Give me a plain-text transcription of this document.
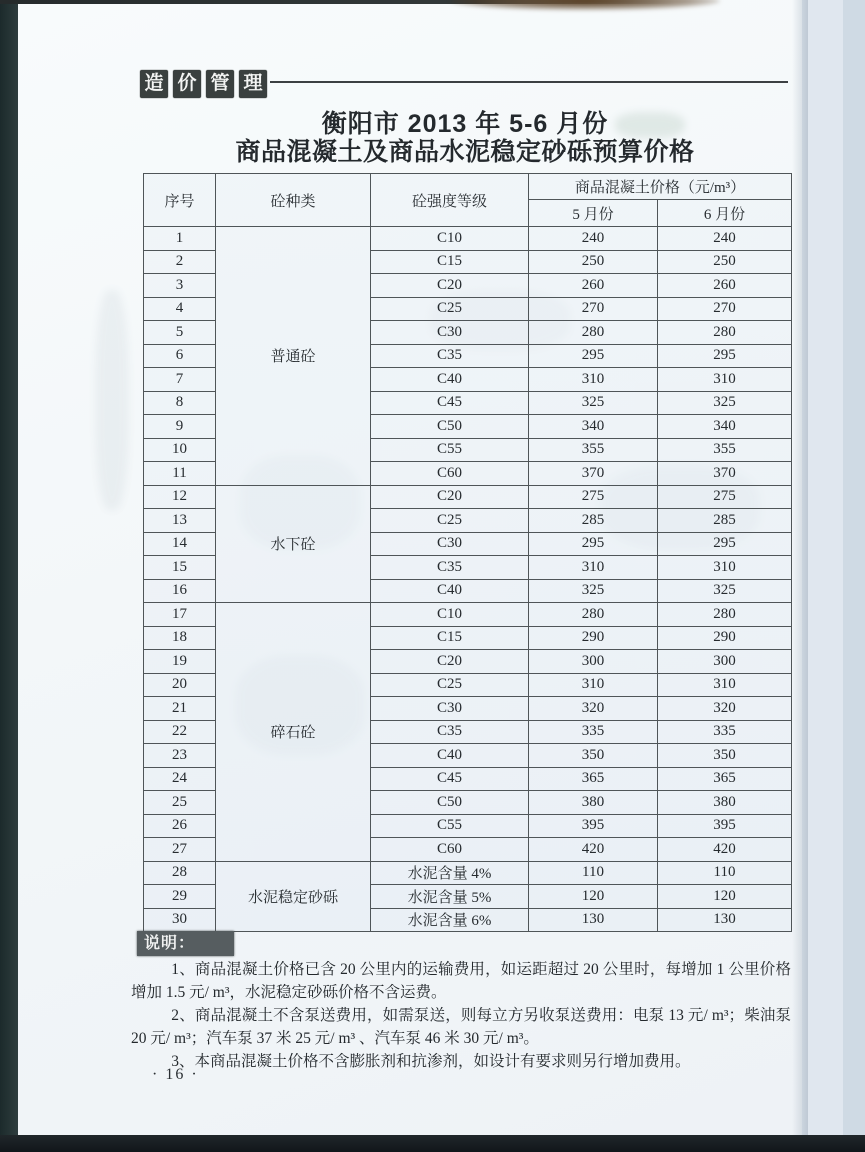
造 价 管 理
衡阳市 2013 年 5-6 月份
商品混凝土及商品水泥稳定砂砾预算价格
序号	砼种类	砼强度等级	商品混凝土价格（元/m³）	
			5 月份	6 月份
1	普通砼	C10	240	240
2		C15	250	250
3		C20	260	260
4		C25	270	270
5		C30	280	280
6		C35	295	295
7		C40	310	310
8		C45	325	325
9		C50	340	340
10		C55	355	355
11		C60	370	370
12	水下砼	C20	275	275
13		C25	285	285
14		C30	295	295
15		C35	310	310
16		C40	325	325
17	碎石砼	C10	280	280
18		C15	290	290
19		C20	300	300
20		C25	310	310
21		C30	320	320
22		C35	335	335
23		C40	350	350
24		C45	365	365
25		C50	380	380
26		C55	395	395
27		C60	420	420
28	水泥稳定砂砾	水泥含量 4%	110	110
29		水泥含量 5%	120	120
30		水泥含量 6%	130	130
说明：

1、商品混凝土价格已含 20 公里内的运输费用，如运距超过 20 公里时，每增加 1 公里价格增加 1.5 元/ m³，水泥稳定砂砾价格不含运费。

2、商品混凝土不含泵送费用，如需泵送，则每立方另收泵送费用：电泵 13 元/ m³；柴油泵 20 元/ m³；汽车泵 37 米 25 元/ m³ 、汽车泵 46 米 30 元/ m³。

3、本商品混凝土价格不含膨胀剂和抗渗剂，如设计有要求则另行增加费用。

· 16 ·
